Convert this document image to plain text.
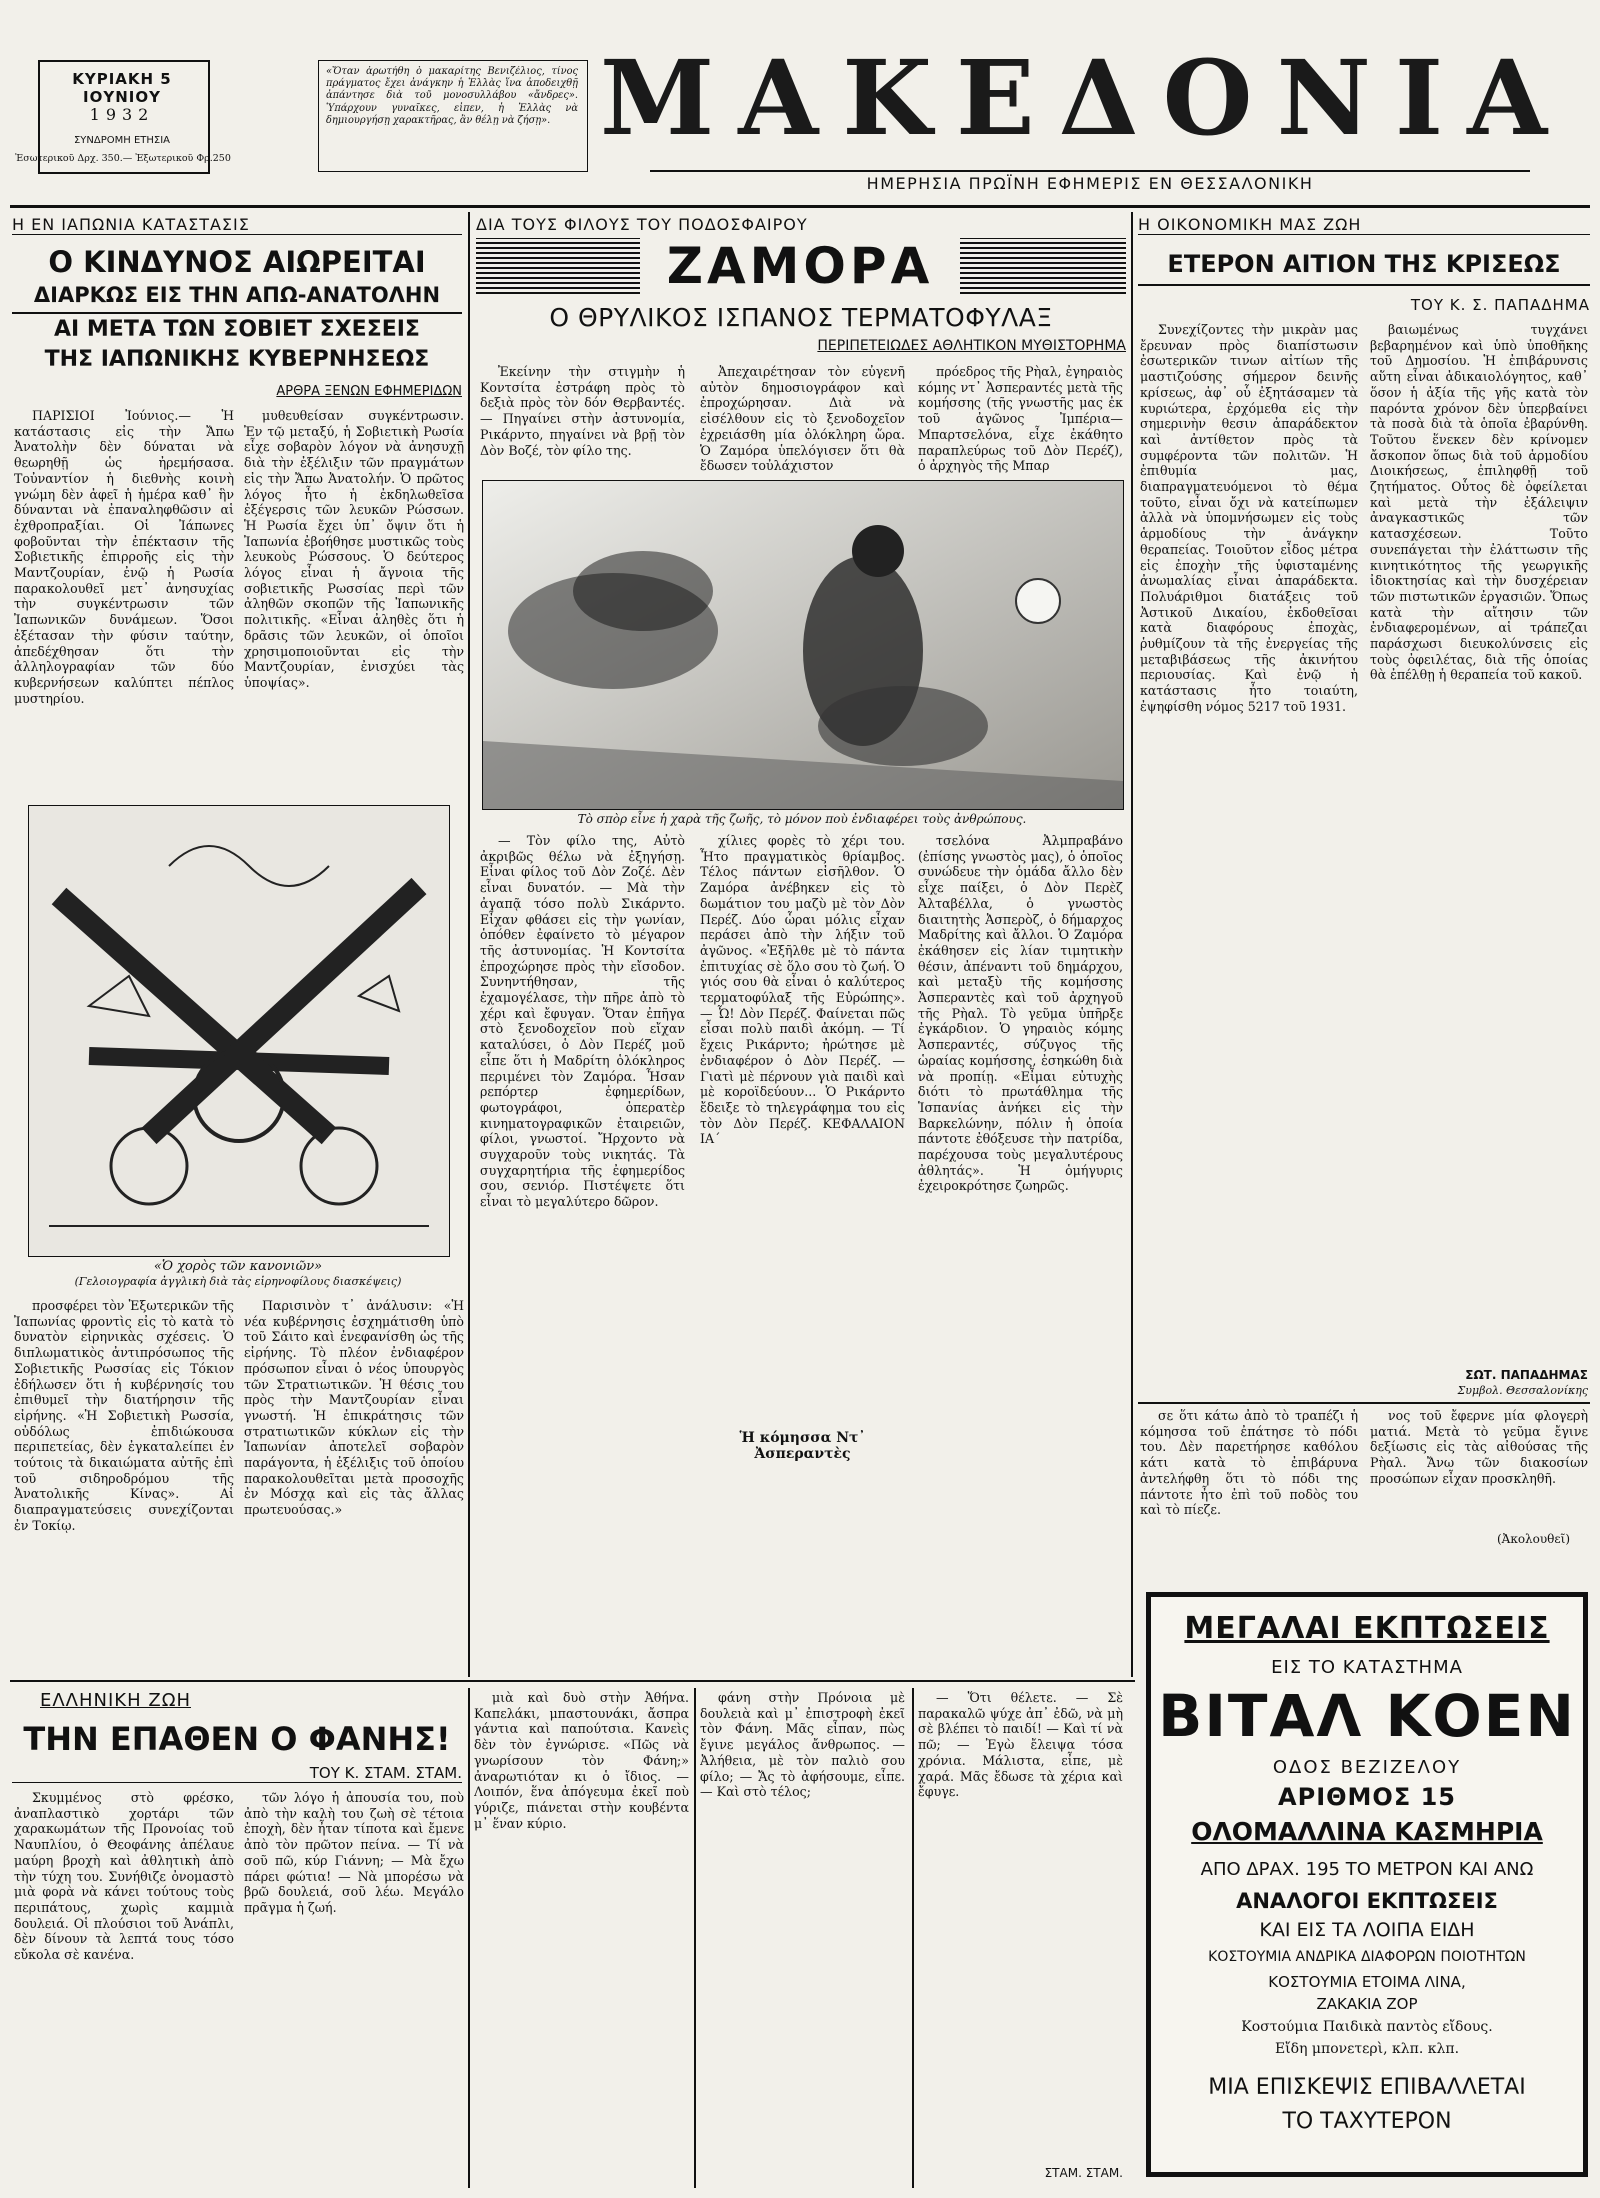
ΚΥΡΙΑΚΗ 5 ΙΟΥΝΙΟΥ
1932
ΣΥΝΔΡΟΜΗ ΕΤΗΣΙΑ
Ἐσωτερικοῦ Δρχ. 350.— Ἐξωτερικοῦ Φρ.250
«Ὅταν ἀρωτήθη ὁ μακαρίτης Βενιζέλιος, τίνος πράγματος ἔχει ἀνάγκην ἡ Ἑλλὰς ἵνα ἀποδειχθῇ ἀπάντησε διὰ τοῦ μονοσυλλάβου «ἄνδρες». Ὑπάρχουν γυναῖκες, εἰπεν, ἡ Ἑλλὰς νὰ δημιουργήσῃ χαρακτῆρας, ἂν θέλῃ νὰ ζήσῃ». ΜΑΚΕΔΟΝΙΑ
ΗΜΕΡΗΣΙΑ ΠΡΩΪΝΗ ΕΦΗΜΕΡΙΣ ΕΝ ΘΕΣΣΑΛΟΝΙΚΗ
Η ΕΝ ΙΑΠΩΝΙΑ ΚΑΤΑΣΤΑΣΙΣ
Ο ΚΙΝΔΥΝΟΣ ΑΙΩΡΕΙΤΑΙ
ΔΙΑΡΚΩΣ ΕΙΣ ΤΗΝ ΑΠΩ-ΑΝΑΤΟΛΗΝ
ΑΙ ΜΕΤΑ ΤΩΝ ΣΟΒΙΕΤ ΣΧΕΣΕΙΣ
ΤΗΣ ΙΑΠΩΝΙΚΗΣ ΚΥΒΕΡΝΗΣΕΩΣ
ΑΡΘΡΑ ΞΕΝΩΝ ΕΦΗΜΕΡΙΔΩΝ

ΠΑΡΙΣΙΟΙ Ἰούνιος.— Ἡ κατάστασις εἰς τὴν Ἄπω Ἀνατολὴν δὲν δύναται νὰ θεωρηθῇ ὡς ἠρεμήσασα. Τοὐναντίον ἡ διεθνὴς κοινὴ γνώμη δὲν ἀφεῖ ἡ ἡμέρα καθ᾿ ἣν δύνανται νὰ ἐπαναληφθῶσιν αἱ ἐχθροπραξίαι. Οἱ Ἰάπωνες φοβοῦνται τὴν ἐπέκτασιν τῆς Σοβιετικῆς ἐπιρροῆς εἰς τὴν Μαντζουρίαν, ἐνῷ ἡ Ρωσία παρακολουθεῖ μετ᾿ ἀνησυχίας τὴν συγκέντρωσιν τῶν Ἰαπωνικῶν δυνάμεων. Ὅσοι ἐξέτασαν τὴν φύσιν ταύτην, ἀπεδέχθησαν ὅτι τὴν ἀλληλογραφίαν τῶν δύο κυβερνήσεων καλύπτει πέπλος μυστηρίου.

μυθευθείσαν συγκέντρωσιν. Ἐν τῷ μεταξύ, ἡ Σοβιετικὴ Ρωσία εἶχε σοβαρὸν λόγον νὰ ἀνησυχῇ διὰ τὴν ἐξέλιξιν τῶν πραγμάτων εἰς τὴν Ἄπω Ἀνατολήν. Ὁ πρῶτος λόγος ἦτο ἡ ἐκδηλωθεῖσα ἐξέγερσις τῶν λευκῶν Ρώσσων. Ἡ Ρωσία ἔχει ὑπ᾿ ὄψιν ὅτι ἡ Ἰαπωνία ἐβοήθησε μυστικῶς τοὺς λευκοὺς Ρώσσους. Ὁ δεύτερος λόγος εἶναι ἡ ἄγνοια τῆς σοβιετικῆς Ρωσσίας περὶ τῶν ἀληθῶν σκοπῶν τῆς Ἰαπωνικῆς πολιτικῆς. «Εἶναι ἀληθὲς ὅτι ἡ δρᾶσις τῶν λευκῶν, οἱ ὁποῖοι χρησιμοποιοῦνται εἰς τὴν Μαντζουρίαν, ἐνισχύει τὰς ὑποψίας».

«Ὁ χορὸς τῶν κανονιῶν»
(Γελοιογραφία ἀγγλικὴ διὰ τὰς εἰρηνοφίλους διασκέψεις)

προσφέρει τὸν Ἐξωτερικῶν τῆς Ἰαπωνίας φροντὶς εἰς τὸ κατὰ τὸ δυνατὸν εἰρηνικὰς σχέσεις. Ὁ διπλωματικὸς ἀντιπρόσωπος τῆς Σοβιετικῆς Ρωσσίας εἰς Τόκιον ἐδήλωσεν ὅτι ἡ κυβέρνησίς του ἐπιθυμεῖ τὴν διατήρησιν τῆς εἰρήνης. «Ἡ Σοβιετικὴ Ρωσσία, οὐδόλως ἐπιδιώκουσα περιπετείας, δὲν ἐγκαταλείπει ἐν τούτοις τὰ δικαιώματα αὐτῆς ἐπὶ τοῦ σιδηροδρόμου τῆς Ἀνατολικῆς Κίνας». Αἱ διαπραγματεύσεις συνεχίζονται ἐν Τοκίῳ.

Παρισινὸν τ᾿ ἀνάλυσιν: «Ἡ νέα κυβέρνησις ἐσχημάτισθη ὑπὸ τοῦ Σάιτο καὶ ἐνεφανίσθη ὡς τῆς εἰρήνης. Τὸ πλέον ἐνδιαφέρον πρόσωπον εἶναι ὁ νέος ὑπουργὸς τῶν Στρατιωτικῶν. Ἡ θέσις του πρὸς τὴν Μαντζουρίαν εἶναι γνωστή. Ἡ ἐπικράτησις τῶν στρατιωτικῶν κύκλων εἰς τὴν Ἰαπωνίαν ἀποτελεῖ σοβαρὸν παράγοντα, ἡ ἐξέλιξις τοῦ ὁποίου παρακολουθεῖται μετὰ προσοχῆς ἐν Μόσχᾳ καὶ εἰς τὰς ἄλλας πρωτευούσας.»

ΔΙΑ ΤΟΥΣ ΦΙΛΟΥΣ ΤΟΥ ΠΟΔΟΣΦΑΙΡΟΥ
ΖΑΜΟΡΑ
Ο ΘΡΥΛΙΚΟΣ ΙΣΠΑΝΟΣ ΤΕΡΜΑΤΟΦΥΛΑΞ
ΠΕΡΙΠΕΤΕΙΩΔΕΣ ΑΘΛΗΤΙΚΟΝ ΜΥΘΙΣΤΟΡΗΜΑ

Ἐκείνην τὴν στιγμὴν ἡ Κοντσίτα ἐστράφη πρὸς τὸ δεξιὰ πρὸς τὸν δόν Θερβαντές. — Πηγαίνει στὴν ἀστυνομία, Ρικάρντο, πηγαίνει νὰ βρῇ τὸν Δὸν Βοζέ, τὸν φίλο της.

Ἀπεχαιρέτησαν τὸν εὐγενῆ αὐτὸν δημοσιογράφον καὶ ἐπροχώρησαν. Διὰ νὰ εἰσέλθουν εἰς τὸ ξενοδοχεῖον ἐχρειάσθη μία ὁλόκληρη ὥρα. Ὁ Ζαμόρα ὑπελόγισεν ὅτι θὰ ἔδωσεν τοὐλάχιστον

πρόεδρος τῆς Ρὴαλ, ἐγηραιὸς κόμης ντ᾿ Ἀσπεραντές μετὰ τῆς κομήσσης (τῆς γνωστῆς μας ἐκ τοῦ ἀγῶνος Ἰμπέρια—Μπαρτσελόνα, εἶχε ἐκάθητο παραπλεύρως τοῦ Δὸν Περέζ), ὁ ἀρχηγὸς τῆς Μπαρ

Τὸ σπὸρ εἶνε ἡ χαρὰ τῆς ζωῆς, τὸ μόνον ποὺ ἐνδιαφέρει τοὺς ἀνθρώπους.

— Τὸν φίλο της, Αὐτὸ ἀκριβῶς θέλω νὰ ἐξηγήσῃ. Εἶναι φίλος τοῦ Δὸν Ζοζέ. Δὲν εἶναι δυνατόν. — Μὰ τὴν ἀγαπᾷ τόσο πολὺ Σικάρντο. Εἶχαν φθάσει εἰς τὴν γωνίαν, ὁπόθεν ἐφαίνετο τὸ μέγαρον τῆς ἀστυνομίας. Ἡ Κοντσίτα ἐπροχώρησε πρὸς τὴν εἴσοδον. Συνηντήθησαν, τῆς ἐχαμογέλασε, τὴν πῆρε ἀπὸ τὸ χέρι καὶ ἔφυγαν. Ὅταν ἐπῆγα στὸ ξενοδοχεῖον ποὺ εἴχαν καταλύσει, ὁ Δὸν Περέζ μοῦ εἶπε ὅτι ἡ Μαδρίτη ὁλόκληρος περιμένει τὸν Ζαμόρα. Ἦσαν ρεπόρτερ ἐφημερίδων, φωτογράφοι, ὀπερατὲρ κινηματογραφικῶν ἐταιρειῶν, φίλοι, γνωστοί. Ἤρχοντο νὰ συγχαροῦν τοὺς νικητάς. Τὰ συγχαρητήρια τῆς ἐφημερίδος σου, σενιόρ. Πιστέψετε ὅτι εἶναι τὸ μεγαλύτερο δῶρον.

χίλιες φορὲς τὸ χέρι του. Ἦτο πραγματικὸς θρίαμβος. Τέλος πάντων εἰσῆλθον. Ὁ Ζαμόρα ἀνέβηκεν εἰς τὸ δωμάτιον του μαζὺ μὲ τὸν Δὸν Περέζ. Δύο ὧραι μόλις εἶχαν περάσει ἀπὸ τὴν λήξιν τοῦ ἀγῶνος. «Ἐξῆλθε μὲ τὸ πάντα ἐπιτυχίας σὲ ὅλο σου τὸ ζωή. Ὁ γιός σου θὰ εἶναι ὁ καλύτερος τερματοφύλαξ τῆς Εὐρώπης». — Ὦ! Δὸν Περέζ. Φαίνεται πῶς εἶσαι πολὺ παιδὶ ἀκόμη. — Τί ἔχεις Ρικάρντο; ἠρώτησε μὲ ἐνδιαφέρον ὁ Δὸν Περέζ. — Γιατὶ μὲ πέρνουν γιὰ παιδὶ καὶ μὲ κοροϊδεύουν... Ὁ Ρικάρντο ἔδειξε τὸ τηλεγράφημα του εἰς τὸν Δὸν Περέζ. ΚΕΦΑΛΑΙΟΝ ΙΑ΄

Ἡ κόμησσα Ντ᾿ Ἀσπεραντὲς

τσελόνα Ἀλμπραβάνο (ἐπίσης γνωστὸς μας), ὁ ὁποῖος συνώδευε τὴν ὁμάδα ἄλλο δὲν εἶχε παίξει, ὁ Δὸν Περὲζ Ἀλταβέλλα, ὁ γνωστὸς διαιτητὴς Ἀσπερὸζ, ὁ δήμαρχος Μαδρίτης καὶ ἄλλοι. Ὁ Ζαμόρα ἐκάθησεν εἰς λίαν τιμητικὴν θέσιν, ἀπέναντι τοῦ δημάρχου, καὶ μεταξὺ τῆς κομήσσης Ἀσπεραντὲς καὶ τοῦ ἀρχηγοῦ τῆς Ρὴαλ. Τὸ γεῦμα ὑπῆρξε ἐγκάρδιον. Ὁ γηραιὸς κόμης Ἀσπεραντές, σύζυγος τῆς ὡραίας κομήσσης, ἐσηκώθη διὰ νὰ προπίῃ. «Εἶμαι εὐτυχὴς διότι τὸ πρωτάθλημα τῆς Ἱσπανίας ἀνήκει εἰς τὴν Βαρκελώνην, πόλιν ἡ ὁποία πάντοτε ἐθόξευσε τὴν πατρίδα, παρέχουσα τοὺς μεγαλυτέρους ἀθλητάς». Ἡ ὁμήγυρις ἐχειροκρότησε ζωηρῶς.

Η ΟΙΚΟΝΟΜΙΚΗ ΜΑΣ ΖΩΗ
ΕΤΕΡΟΝ ΑΙΤΙΟΝ ΤΗΣ ΚΡΙΣΕΩΣ
ΤΟΥ Κ. Σ. ΠΑΠΑΔΗΜΑ

Συνεχίζοντες τὴν μικρὰν μας ἔρευναν πρὸς διαπίστωσιν ἐσωτερικῶν τινων αἰτίων τῆς μαστιζούσης σήμερον δεινῆς κρίσεως, ἀφ᾿ οὗ ἐξητάσαμεν τὰ κυριώτερα, ἐρχόμεθα εἰς τὴν σημερινὴν θεσιν ἀπαράδεκτον καὶ ἀντίθετον πρὸς τὰ συμφέροντα τῶν πολιτῶν. Ἡ ἐπιθυμία μας, διαπραγματευόμενοι τὸ θέμα τοῦτο, εἶναι ὄχι νὰ κατείπωμεν ἀλλὰ νὰ ὑπομνήσωμεν εἰς τοὺς ἁρμοδίους τὴν ἀνάγκην θεραπείας. Τοιοῦτον εἶδος μέτρα εἰς ἐποχὴν τῆς ὑφισταμένης ἀνωμαλίας εἶναι ἀπαράδεκτα. Πολυάριθμοι διατάξεις τοῦ Ἀστικοῦ Δικαίου, ἐκδοθεῖσαι κατὰ διαφόρους ἐποχὰς, ῥυθμίζουν τὰ τῆς ἐνεργείας τῆς μεταβιβάσεως τῆς ἀκινήτου περιουσίας. Καὶ ἐνῷ ἡ κατάστασις ἦτο τοιαύτη, ἐψηφίσθη νόμος 5217 τοῦ 1931.

βαιωμένως τυγχάνει βεβαρημένον καὶ ὑπὸ ὑποθῆκης τοῦ Δημοσίου. Ἡ ἐπιβάρυνσις αὕτη εἶναι ἀδικαιολόγητος, καθ᾿ ὅσον ἡ ἀξία τῆς γῆς κατὰ τὸν παρόντα χρόνον δὲν ὑπερβαίνει τὰ ποσὰ διὰ τὰ ὁποῖα ἐβαρύνθη. Τοῦτου ἕνεκεν δὲν κρίνομεν ἄσκοπον ὅπως διὰ τοῦ ἁρμοδίου Διοικήσεως, ἐπιληφθῇ τοῦ ζητήματος. Οὗτος δὲ ὀφείλεται καὶ μετὰ τὴν ἐξάλειψιν ἀναγκαστικῶς τῶν κατασχέσεων. Τοῦτο συνεπάγεται τὴν ἐλάττωσιν τῆς κινητικότητος τῆς γεωργικῆς ἰδιοκτησίας καὶ τὴν δυσχέρειαν τῶν πιστωτικῶν ἐργασιῶν. Ὅπως κατὰ τὴν αἴτησιν τῶν ἐνδιαφερομένων, αἱ τράπεζαι παράσχωσι διευκολύνσεις εἰς τοὺς ὀφειλέτας, διὰ τῆς ὁποίας θὰ ἐπέλθῃ ἡ θεραπεία τοῦ κακοῦ.

ΣΩΤ. ΠΑΠΑΔΗΜΑΣ
Συμβολ. Θεσσαλονίκης

σε ὅτι κάτω ἀπὸ τὸ τραπέζι ἡ κόμησσα τοῦ ἐπάτησε τὸ πόδι του. Δὲν παρετήρησε καθόλου κάτι κατὰ τὸ ἐπιβάρυνα ἀντελήφθη ὅτι τὸ πόδι της πάντοτε ἦτο ἐπὶ τοῦ ποδὸς του καὶ τὸ πίεζε.

νος τοῦ ἔφερνε μία φλογερὴ ματιά. Μετὰ τὸ γεῦμα ἔγινε δεξίωσις εἰς τὰς αἰθούσας τῆς Ρὴαλ. Ἄνω τῶν διακοσίων προσώπων εἶχαν προσκληθῆ.

(Ἀκολουθεῖ)
ΜΕΓΑΛΑΙ ΕΚΠΤΩΣΕΙΣ
ΕΙΣ ΤΟ ΚΑΤΑΣΤΗΜΑ
ΒΙΤΑΛ ΚΟΕΝ
ΟΔΟΣ ΒΕΖΙΖΕΛΟΥ
ΑΡΙΘΜΟΣ 15
ΟΛΟΜΑΛΛΙΝΑ ΚΑΣΜΗΡΙΑ
ΑΠΟ ΔΡΑΧ. 195 ΤΟ ΜΕΤΡΟΝ ΚΑΙ ΑΝΩ
ΑΝΑΛΟΓΟΙ ΕΚΠΤΩΣΕΙΣ
ΚΑΙ ΕΙΣ ΤΑ ΛΟΙΠΑ ΕΙΔΗ
ΚΟΣΤΟΥΜΙΑ ΑΝΔΡΙΚΑ ΔΙΑΦΟΡΩΝ ΠΟΙΟΤΗΤΩΝ
ΚΟΣΤΟΥΜΙΑ ΕΤΟΙΜΑ ΛΙΝΑ,
ΖΑΚΑΚΙΑ ΖΟΡ
Κοστούμια Παιδικὰ παντὸς εἴδους.
Εἴδη μπονετερὶ, κλπ. κλπ.
ΜΙΑ ΕΠΙΣΚΕΨΙΣ ΕΠΙΒΑΛΛΕΤΑΙ
ΤΟ ΤΑΧΥΤΕΡΟΝ
ΕΛΛΗΝΙΚΗ ΖΩΗ
ΤΗΝ ΕΠΑΘΕΝ Ο ΦΑΝΗΣ!
ΤΟΥ Κ. ΣΤΑΜ. ΣΤΑΜ.

Σκυμμένος στὸ φρέσκο, ἀναπλαστικὸ χορτάρι τῶν χαρακωμάτων τῆς Προνοίας τοῦ Ναυπλίου, ὁ Θεοφάνης ἀπέλαυε μαύρη βροχὴ καὶ ἀθλητικὴ ἀπὸ τὴν τύχη του. Συνήθιζε ὀνομαστὸ μιὰ φορὰ νὰ κάνει τούτους τοὺς περιπάτους, χωρὶς καμμιὰ δουλειά. Οἱ πλούσιοι τοῦ Ἀνάπλι, δὲν δίνουν τὰ λεπτά τους τόσο εὔκολα σὲ κανένα.

τῶν λόγο ἡ ἀπουσία του, ποὺ ἀπὸ τὴν καλὴ του ζωὴ σὲ τέτοια ἐποχὴ, δὲν ἦταν τίποτα καὶ ἔμενε ἀπὸ τὸν πρῶτον πείνα. — Τί νὰ σοῦ πῶ, κύρ Γιάννη; — Μὰ ἔχω πάρει φώτια! — Νὰ μπορέσω νὰ βρῶ δουλειά, σοῦ λέω. Μεγάλο πρᾶγμα ἡ ζωή.

μιὰ καὶ δυὸ στὴν Ἀθήνα. Καπελάκι, μπαστουνάκι, ἄσπρα γάντια καὶ παπούτσια. Κανεὶς δὲν τὸν ἐγνώρισε. «Πῶς νὰ γνωρίσουν τὸν Φάνη;» ἀναρωτιόταν κι ὁ ἴδιος. — Λοιπόν, ἕνα ἀπόγευμα ἐκεῖ ποὺ γύριζε, πιάνεται στὴν κουβέντα μ᾿ ἕναν κύριο.

φάνη στὴν Πρόνοια μὲ δουλειὰ καὶ μ᾿ ἐπιστροφὴ ἐκεῖ τὸν Φάνη. Μᾶς εἶπαν, πὼς ἔγινε μεγάλος ἄνθρωπος. — Ἀλήθεια, μὲ τὸν παλιὸ σου φίλο; — Ἄς τὸ ἀφήσουμε, εἶπε. — Καὶ στὸ τέλος;

— Ὅτι θέλετε. — Σὲ παρακαλῶ ψύχε ἀπ᾿ ἐδῶ, νὰ μὴ σὲ βλέπει τὸ παιδί! — Καὶ τί νὰ πῶ; — Ἐγὼ ἔλειψα τόσα χρόνια. Μάλιστα, εἶπε, μὲ χαρά. Μᾶς ἔδωσε τὰ χέρια καὶ ἔφυγε.

ΣΤΑΜ. ΣΤΑΜ.
